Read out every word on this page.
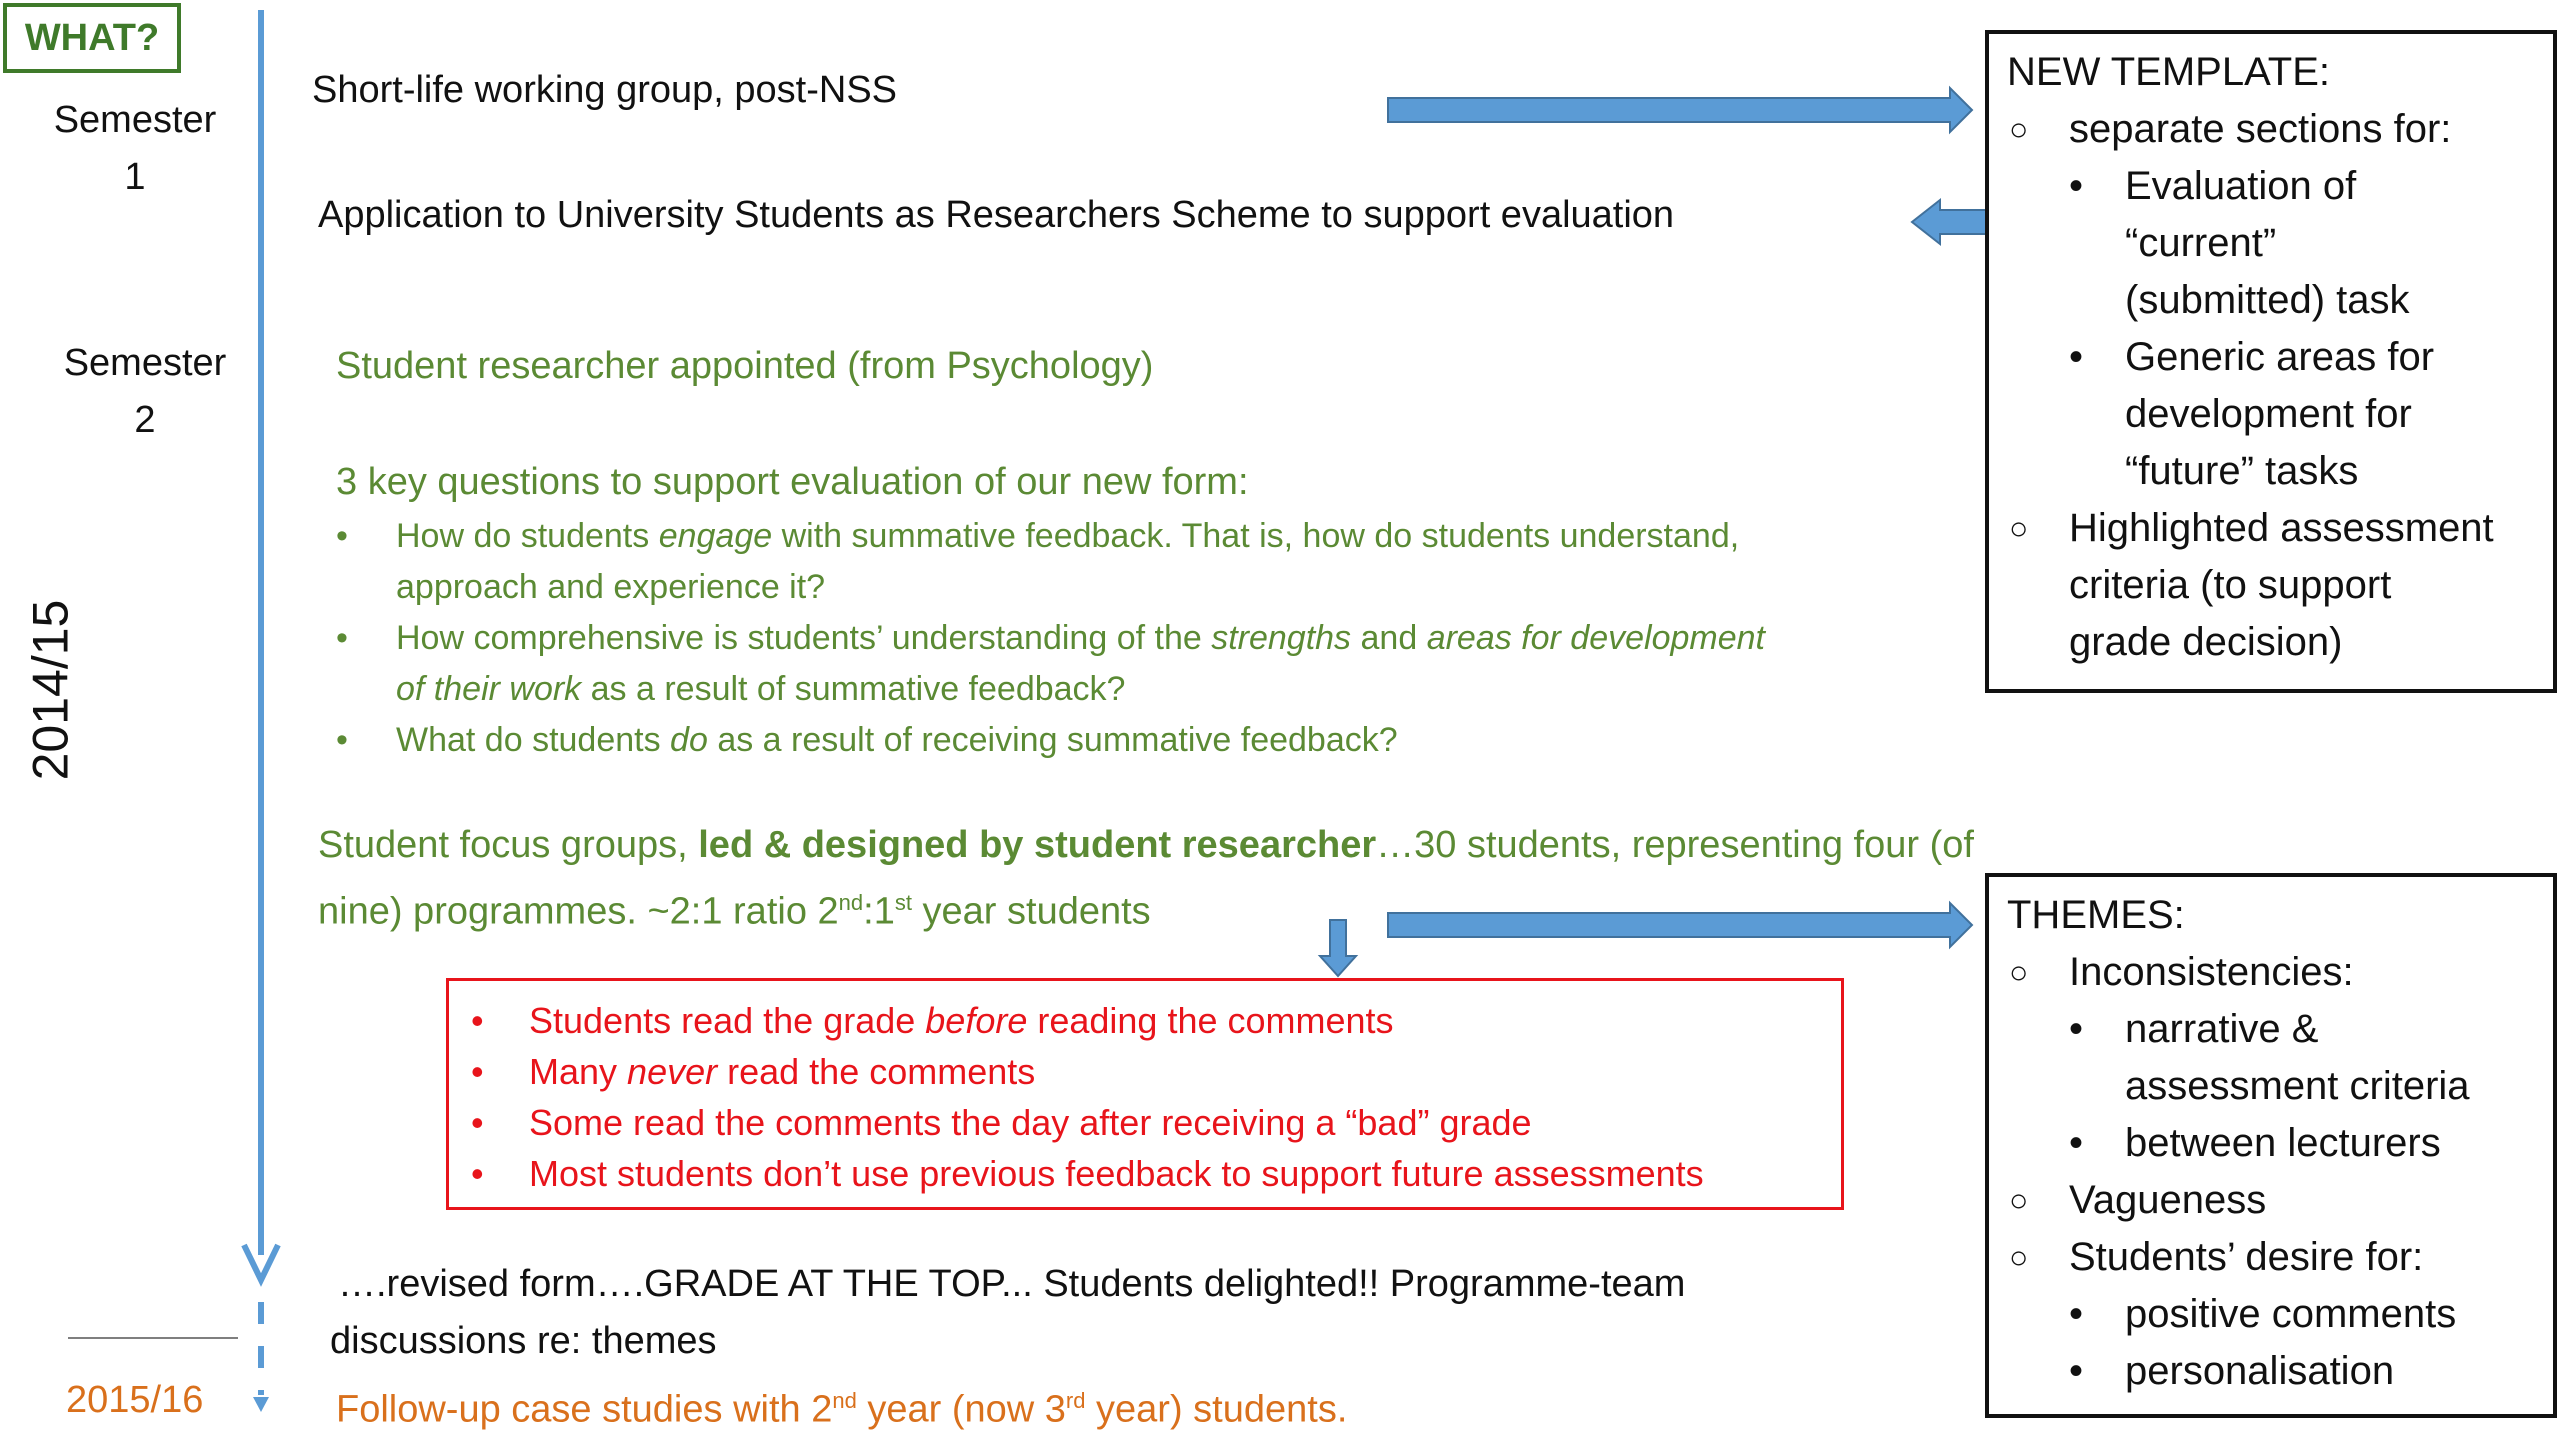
WHAT?
Semester
1
Semester
2
2014/15
2015/16
Short-life working group, post-NSS
Application to University Students as Researchers Scheme to support evaluation
Student researcher appointed (from Psychology)
3 key questions to support evaluation of our new form:
• How do students engage with summative feedback. That is, how do students understand,
approach and experience it?
• How comprehensive is students’ understanding of the strengths and areas for development
of their work as a result of summative feedback?
• What do students do as a result of receiving summative feedback?
Student focus groups, led & designed by student researcher…30 students, representing four (of
nine) programmes. ~2:1 ratio 2nd:1st year students
• Students read the grade before reading the comments
• Many never read the comments
• Some read the comments the day after receiving a “bad” grade
• Most students don’t use previous feedback to support future assessments
….revised form….GRADE AT THE TOP... Students delighted!! Programme-team
discussions re: themes
Follow-up case studies with 2nd year (now 3rd year) students.
NEW TEMPLATE:
○ separate sections for:
• Evaluation of
“current”
(submitted) task
• Generic areas for
development for
“future” tasks
○ Highlighted assessment
criteria (to support
grade decision)
THEMES:
○ Inconsistencies:
• narrative &
assessment criteria
• between lecturers
○ Vagueness
○ Students’ desire for:
• positive comments
• personalisation
